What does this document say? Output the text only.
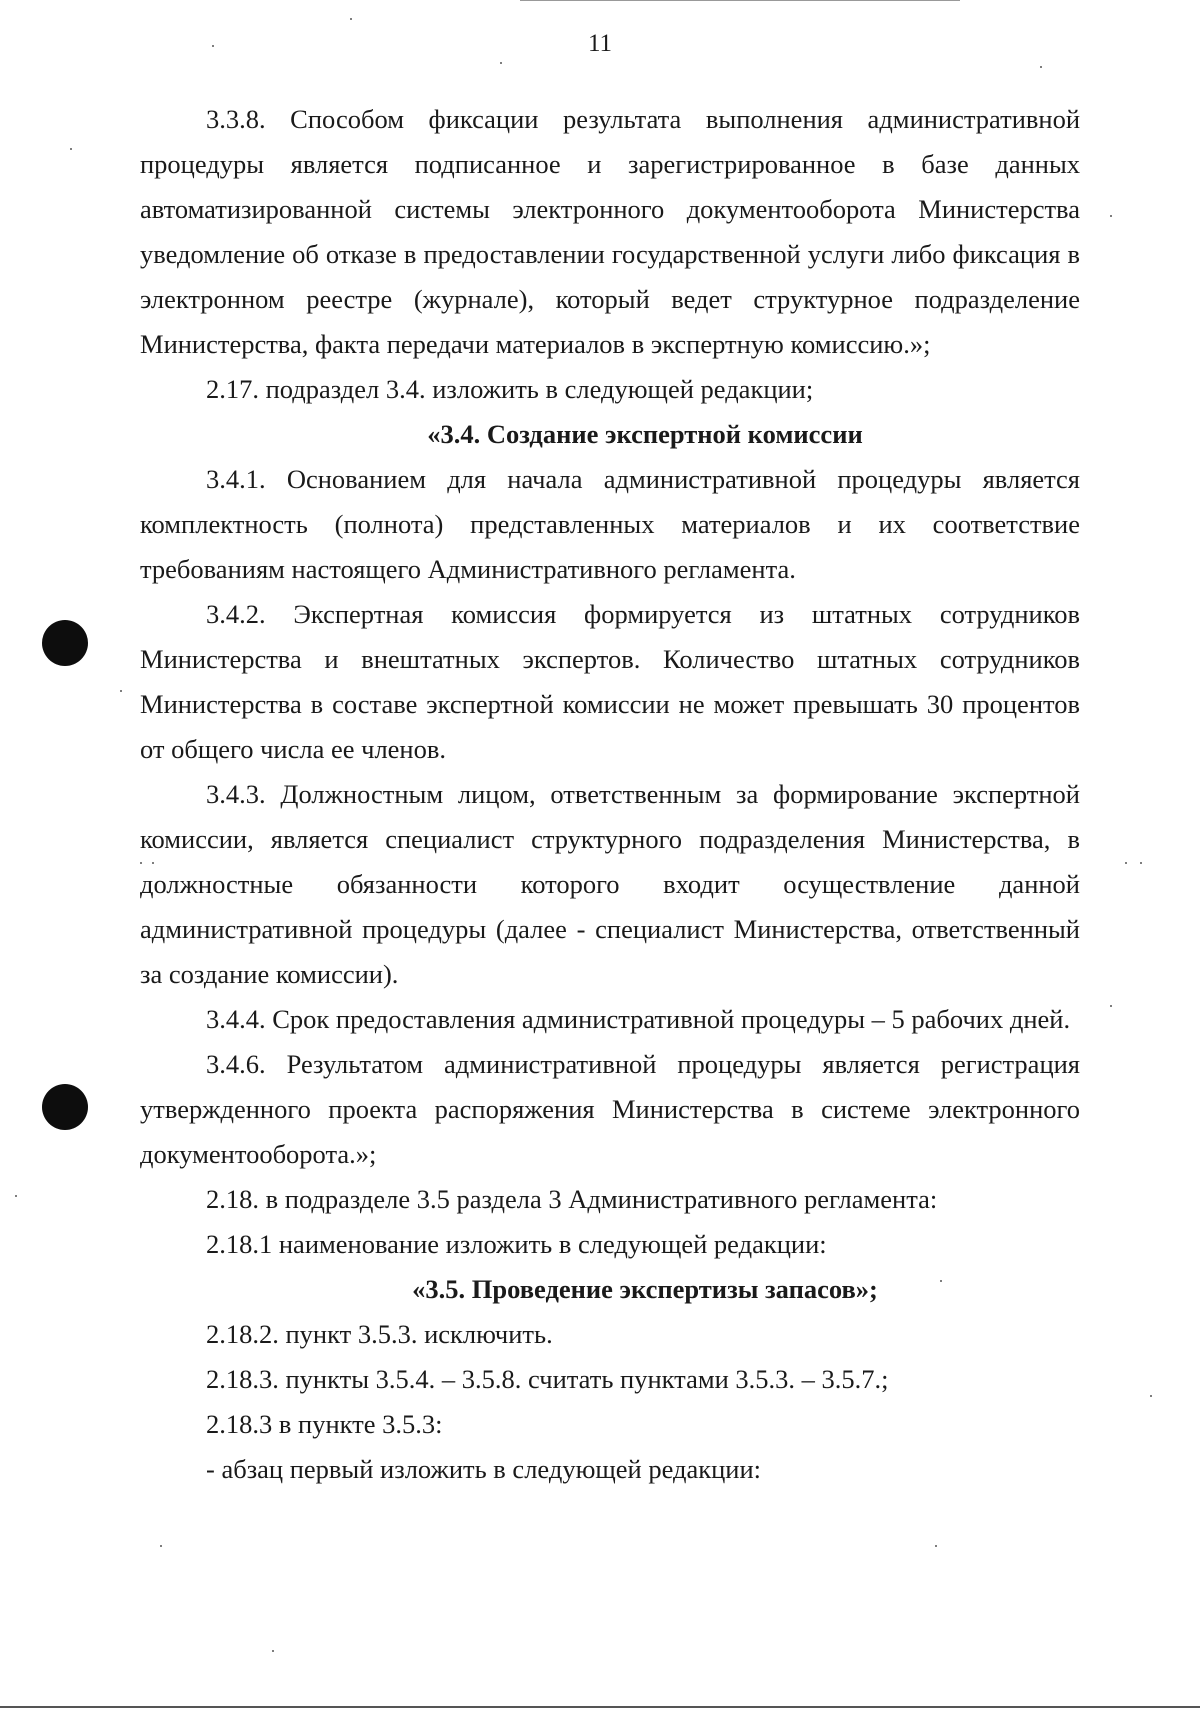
11

3.3.8. Способом фиксации результата выполнения административной процедуры является подписанное и зарегистрированное в базе данных автоматизированной системы электронного документооборота Министерства уведомление об отказе в предоставлении государственной услуги либо фиксация в электронном реестре (журнале), который ведет структурное подразделение Министерства, факта передачи материалов в экспертную комиссию.»;

2.17. подраздел 3.4. изложить в следующей редакции;

«3.4. Создание экспертной комиссии

3.4.1. Основанием для начала административной процедуры является комплектность (полнота) представленных материалов и их соответствие требованиям настоящего Административного регламента.

3.4.2. Экспертная комиссия формируется из штатных сотрудников Министерства и внештатных экспертов. Количество штатных сотрудников Министерства в составе экспертной комиссии не может превышать 30 процентов от общего числа ее членов.

3.4.3. Должностным лицом, ответственным за формирование экспертной комиссии, является специалист структурного подразделения Министерства, в должностные обязанности которого входит осуществление данной административной процедуры (далее - специалист Министерства, ответственный за создание комиссии).

3.4.4. Срок предоставления административной процедуры – 5 рабочих дней.

3.4.6. Результатом административной процедуры является регистрация утвержденного проекта распоряжения Министерства в системе электронного документооборота.»;

2.18. в подразделе 3.5 раздела 3 Административного регламента:

2.18.1 наименование изложить в следующей редакции:

«3.5. Проведение экспертизы запасов»;

2.18.2. пункт 3.5.3. исключить.

2.18.3. пункты 3.5.4. – 3.5.8. считать пунктами 3.5.3. – 3.5.7.;

2.18.3 в пункте 3.5.3:

- абзац первый изложить в следующей редакции:
